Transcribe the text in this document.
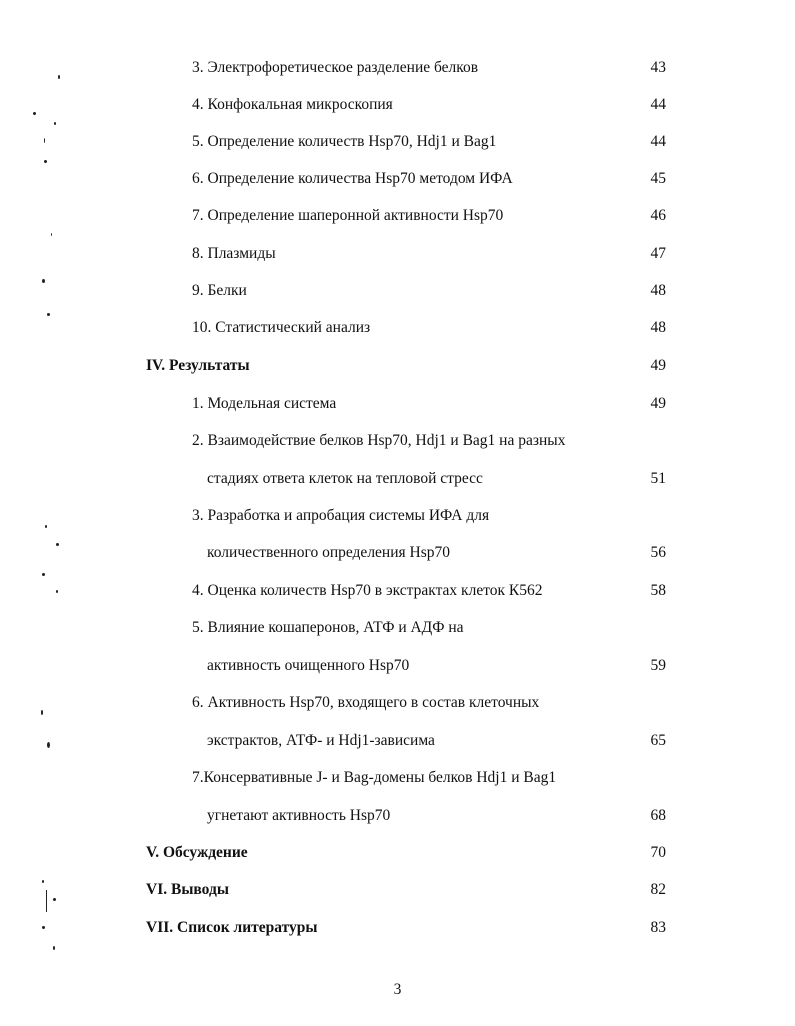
3. Электрофоретическое разделение белков	43
4. Конфокальная микроскопия	44
5. Определение количеств Hsp70, Hdj1 и Bag1	44
6. Определение количества Hsp70 методом ИФА	45
7. Определение шаперонной активности Hsp70	46
8. Плазмиды	47
9. Белки	48
10. Статистический анализ	48
IV. Результаты	49
1. Модельная система	49
2. Взаимодействие белков Hsp70, Hdj1 и Bag1 на разных
стадиях ответа клеток на тепловой стресс	51
3. Разработка и апробация системы ИФА для
количественного определения Hsp70	56
4. Оценка количеств Hsp70 в экстрактах клеток К562	58
5. Влияние кошаперонов, АТФ и АДФ на
активность очищенного Hsp70	59
6. Активность Hsp70, входящего в состав клеточных
экстрактов, АТФ- и Hdj1-зависима	65
7.Консервативные J- и Bag-домены белков Hdj1 и Bag1
угнетают активность Hsp70	68
V. Обсуждение	70
VI. Выводы	82
VII. Список литературы	83
3
